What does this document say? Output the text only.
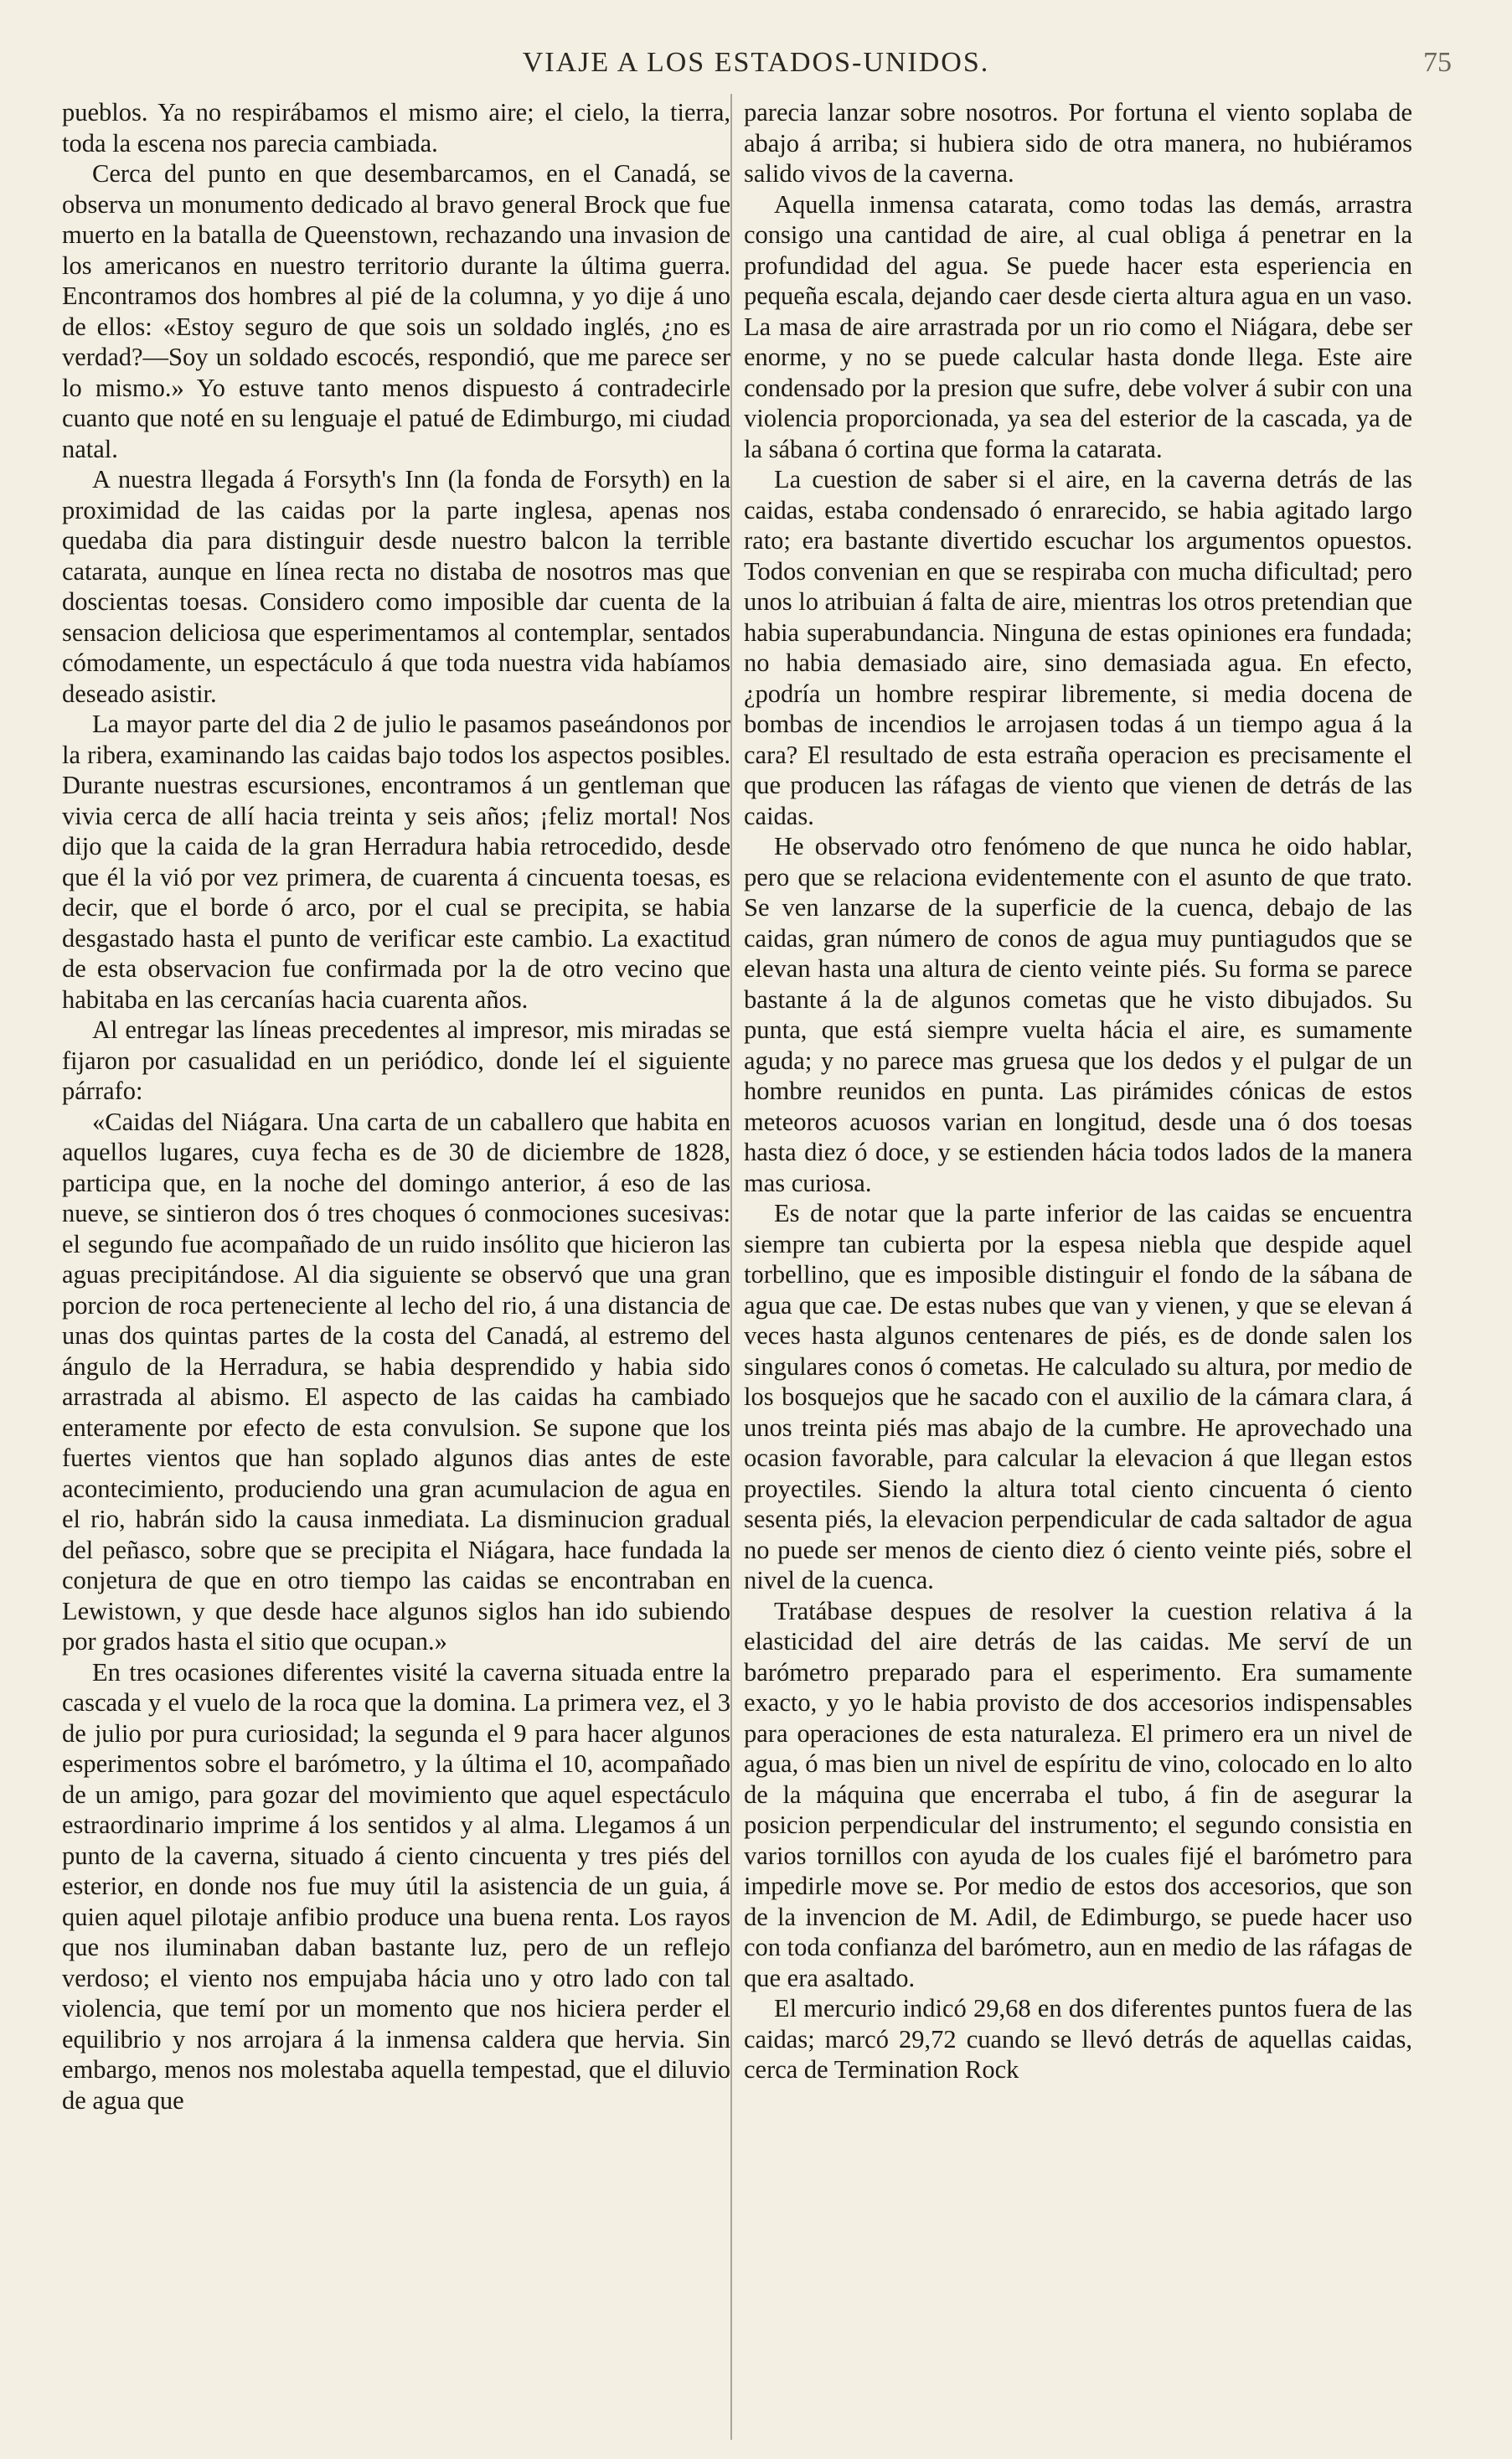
VIAJE A LOS ESTADOS-UNIDOS.	75

pueblos. Ya no respirábamos el mismo aire; el cielo, la tierra, toda la escena nos parecia cambiada.

Cerca del punto en que desembarcamos, en el Canadá, se observa un monumento dedicado al bravo general Brock que fue muerto en la batalla de Queenstown, rechazando una invasion de los americanos en nuestro territorio durante la última guerra. Encontramos dos hombres al pié de la columna, y yo dije á uno de ellos: «Estoy seguro de que sois un soldado inglés, ¿no es verdad?—Soy un soldado escocés, respondió, que me parece ser lo mismo.» Yo estuve tanto menos dispuesto á contradecirle cuanto que noté en su lenguaje el patué de Edimburgo, mi ciudad natal.

A nuestra llegada á Forsyth's Inn (la fonda de Forsyth) en la proximidad de las caidas por la parte inglesa, apenas nos quedaba dia para distinguir desde nuestro balcon la terrible catarata, aunque en línea recta no distaba de nosotros mas que doscientas toesas. Considero como imposible dar cuenta de la sensacion deliciosa que esperimentamos al contemplar, sentados cómodamente, un espectáculo á que toda nuestra vida habíamos deseado asistir.

La mayor parte del dia 2 de julio le pasamos paseándonos por la ribera, examinando las caidas bajo todos los aspectos posibles. Durante nuestras escursiones, encontramos á un gentleman que vivia cerca de allí hacia treinta y seis años; ¡feliz mortal! Nos dijo que la caida de la gran Herradura habia retrocedido, desde que él la vió por vez primera, de cuarenta á cincuenta toesas, es decir, que el borde ó arco, por el cual se precipita, se habia desgastado hasta el punto de verificar este cambio. La exactitud de esta observacion fue confirmada por la de otro vecino que habitaba en las cercanías hacia cuarenta años.

Al entregar las líneas precedentes al impresor, mis miradas se fijaron por casualidad en un periódico, donde leí el siguiente párrafo:

«Caidas del Niágara. Una carta de un caballero que habita en aquellos lugares, cuya fecha es de 30 de diciembre de 1828, participa que, en la noche del domingo anterior, á eso de las nueve, se sintieron dos ó tres choques ó conmociones sucesivas: el segundo fue acompañado de un ruido insólito que hicieron las aguas precipitándose. Al dia siguiente se observó que una gran porcion de roca perteneciente al lecho del rio, á una distancia de unas dos quintas partes de la costa del Canadá, al estremo del ángulo de la Herradura, se habia desprendido y habia sido arrastrada al abismo. El aspecto de las caidas ha cambiado enteramente por efecto de esta convulsion. Se supone que los fuertes vientos que han soplado algunos dias antes de este acontecimiento, produciendo una gran acumulacion de agua en el rio, habrán sido la causa inmediata. La disminucion gradual del peñasco, sobre que se precipita el Niágara, hace fundada la conjetura de que en otro tiempo las caidas se encontraban en Lewistown, y que desde hace algunos siglos han ido subiendo por grados hasta el sitio que ocupan.»

En tres ocasiones diferentes visité la caverna situada entre la cascada y el vuelo de la roca que la domina. La primera vez, el 3 de julio por pura curiosidad; la segunda el 9 para hacer algunos esperimentos sobre el barómetro, y la última el 10, acompañado de un amigo, para gozar del movimiento que aquel espectáculo estraordinario imprime á los sentidos y al alma. Llegamos á un punto de la caverna, situado á ciento cincuenta y tres piés del esterior, en donde nos fue muy útil la asistencia de un guia, á quien aquel pilotaje anfibio produce una buena renta. Los rayos que nos iluminaban daban bastante luz, pero de un reflejo verdoso; el viento nos empujaba hácia uno y otro lado con tal violencia, que temí por un momento que nos hiciera perder el equilibrio y nos arrojara á la inmensa caldera que hervia. Sin embargo, menos nos molestaba aquella tempestad, que el diluvio de agua que

parecia lanzar sobre nosotros. Por fortuna el viento soplaba de abajo á arriba; si hubiera sido de otra manera, no hubiéramos salido vivos de la caverna.

Aquella inmensa catarata, como todas las demás, arrastra consigo una cantidad de aire, al cual obliga á penetrar en la profundidad del agua. Se puede hacer esta esperiencia en pequeña escala, dejando caer desde cierta altura agua en un vaso. La masa de aire arrastrada por un rio como el Niágara, debe ser enorme, y no se puede calcular hasta donde llega. Este aire condensado por la presion que sufre, debe volver á subir con una violencia proporcionada, ya sea del esterior de la cascada, ya de la sábana ó cortina que forma la catarata.

La cuestion de saber si el aire, en la caverna detrás de las caidas, estaba condensado ó enrarecido, se habia agitado largo rato; era bastante divertido escuchar los argumentos opuestos. Todos convenian en que se respiraba con mucha dificultad; pero unos lo atribuian á falta de aire, mientras los otros pretendian que habia superabundancia. Ninguna de estas opiniones era fundada; no habia demasiado aire, sino demasiada agua. En efecto, ¿podría un hombre respirar libremente, si media docena de bombas de incendios le arrojasen todas á un tiempo agua á la cara? El resultado de esta estraña operacion es precisamente el que producen las ráfagas de viento que vienen de detrás de las caidas.

He observado otro fenómeno de que nunca he oido hablar, pero que se relaciona evidentemente con el asunto de que trato. Se ven lanzarse de la superficie de la cuenca, debajo de las caidas, gran número de conos de agua muy puntiagudos que se elevan hasta una altura de ciento veinte piés. Su forma se parece bastante á la de algunos cometas que he visto dibujados. Su punta, que está siempre vuelta hácia el aire, es sumamente aguda; y no parece mas gruesa que los dedos y el pulgar de un hombre reunidos en punta. Las pirámides cónicas de estos meteoros acuosos varian en longitud, desde una ó dos toesas hasta diez ó doce, y se estienden hácia todos lados de la manera mas curiosa.

Es de notar que la parte inferior de las caidas se encuentra siempre tan cubierta por la espesa niebla que despide aquel torbellino, que es imposible distinguir el fondo de la sábana de agua que cae. De estas nubes que van y vienen, y que se elevan á veces hasta algunos centenares de piés, es de donde salen los singulares conos ó cometas. He calculado su altura, por medio de los bosquejos que he sacado con el auxilio de la cámara clara, á unos treinta piés mas abajo de la cumbre. He aprovechado una ocasion favorable, para calcular la elevacion á que llegan estos proyectiles. Siendo la altura total ciento cincuenta ó ciento sesenta piés, la elevacion perpendicular de cada saltador de agua no puede ser menos de ciento diez ó ciento veinte piés, sobre el nivel de la cuenca.

Tratábase despues de resolver la cuestion relativa á la elasticidad del aire detrás de las caidas. Me serví de un barómetro preparado para el esperimento. Era sumamente exacto, y yo le habia provisto de dos accesorios indispensables para operaciones de esta naturaleza. El primero era un nivel de agua, ó mas bien un nivel de espíritu de vino, colocado en lo alto de la máquina que encerraba el tubo, á fin de asegurar la posicion perpendicular del instrumento; el segundo consistia en varios tornillos con ayuda de los cuales fijé el barómetro para impedirle move se. Por medio de estos dos accesorios, que son de la invencion de M. Adil, de Edimburgo, se puede hacer uso con toda confianza del barómetro, aun en medio de las ráfagas de que era asaltado.

El mercurio indicó 29,68 en dos diferentes puntos fuera de las caidas; marcó 29,72 cuando se llevó detrás de aquellas caidas, cerca de Termination Rock
